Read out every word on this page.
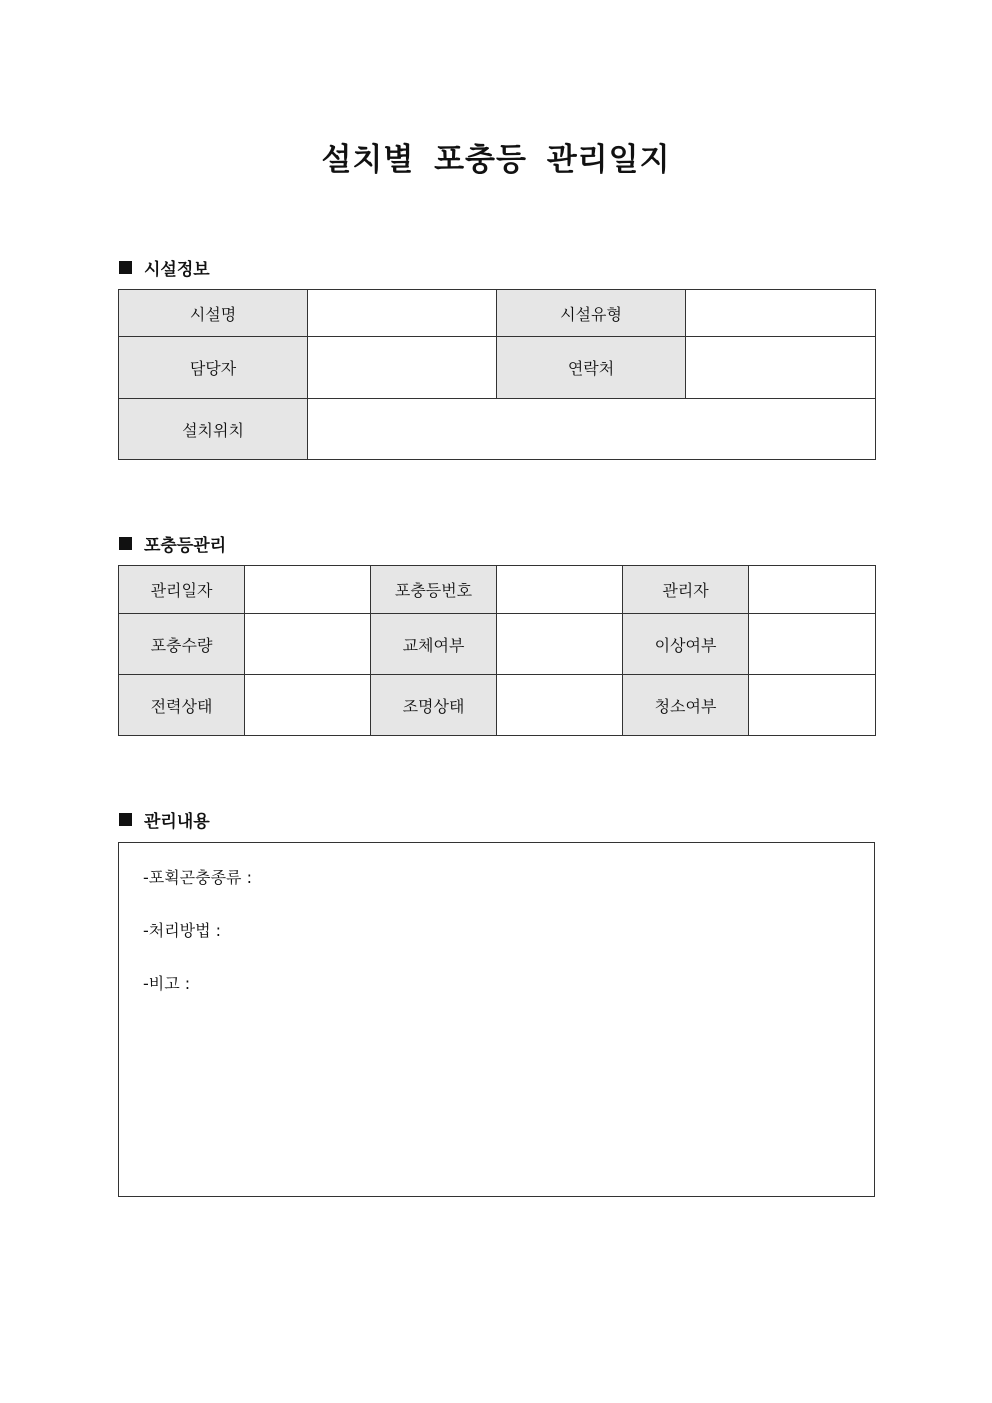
설치별 포충등 관리일지
시설정보
시설명		시설유형	
담당자		연락처	
설치위치			
포충등관리
관리일자		포충등번호		관리자	
포충수량		교체여부		이상여부	
전력상태		조명상태		청소여부	
관리내용
-포획곤충종류 :
-처리방법 :
-비고 :
